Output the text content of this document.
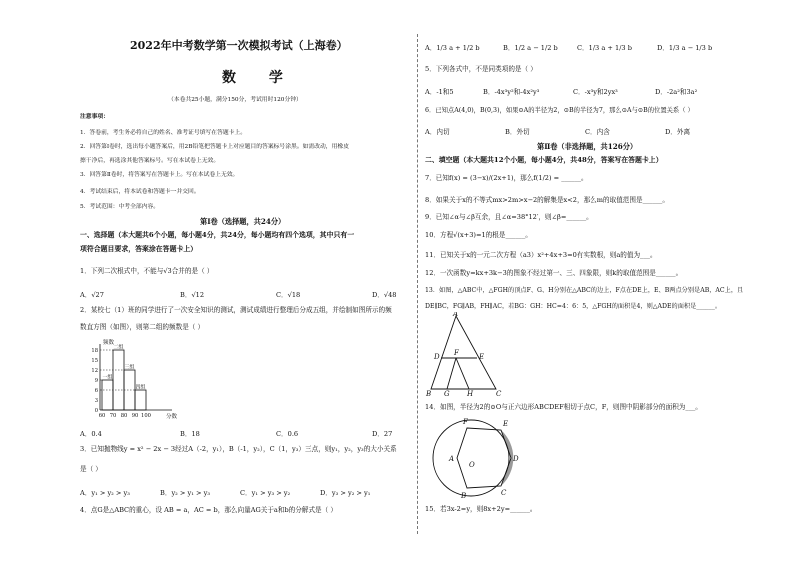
2022年中考数学第一次模拟考试（上海卷）
数 学
（本卷共25小题，满分150分，考试用时120分钟）
注意事项：
1．答卷前，考生务必将自己的姓名、准考证号填写在答题卡上。
2．回答第Ⅰ卷时，选出每小题答案后，用2B铅笔把答题卡上对应题目的答案标号涂黑。如需改动，用橡皮
擦干净后，再选涂其他答案标号。写在本试卷上无效。
3．回答第Ⅱ卷时，将答案写在答题卡上。写在本试卷上无效。
4．考试结束后，将本试卷和答题卡一并交回。
5．考试范围：中考全部内容。
第Ⅰ卷（选择题，共24分）
一、选择题（本大题共6个小题，每小题4分，共24分，每小题均有四个选项，其中只有一
项符合题目要求，答案涂在答题卡上）
1．下列二次根式中，不能与√3合并的是（ ）
A．√27	B．√12	C．√18	D．√48
2．某校七（1）班的同学进行了一次安全知识的测试，测试成绩进行整理后分成五组，并绘制如图所示的频
数直方图（如图），则第二组的频数是（ ）
频数
18
15
12
9
6
3
0
一组
二组
三组
四组
60 70 80 90 100	分数
A．0.4	B．18	C．0.6	D．27
3．已知抛物线y = x² − 2x − 3经过A（-2，y₁），B（-1，y₂），C（1，y₃）三点，则y₁，y₂，y₃的大小关系
是（ ）
A．y₁ > y₂ > y₃	B．y₂ > y₁ > y₃	C．y₁ > y₃ > y₂	D．y₃ > y₂ > y₁
4．点G是△ABC的重心，设 AB = a，AC = b，那么向量AG关于a和b的分解式是（ ）
A．1/3 a + 1/2 b	B．1/2 a − 1/2 b	C．1/3 a + 1/3 b	D．1/3 a − 1/3 b
5．下列各式中，不是同类项的是（ ）
A．-1和5	B．-4x³y²和-4x²y³	C．-x³y和2yx³	D．-2a²和3a²
6．已知点A(4,0)，B(0,3)，如果⊙A的半径为2，⊙B的半径为7，那么⊙A与⊙B的位置关系（ ）
A．内切	B．外切	C．内含	D．外离
第Ⅱ卷（非选择题，共126分）
二、填空题（本大题共12个小题，每小题4分，共48分，答案写在答题卡上）
7．已知f(x) = (3−x)/(2x+1)，那么f(1/2) = ______。
8．如果关于x的不等式mx>2m>x−2的解集是x<2，那么m的取值范围是______。
9．已知∠α与∠β互余，且∠α=38°12′，则∠β=______。
10．方程√(x+3)=1的根是______。
11．已知关于x的一元二次方程（a3）x²+4x+3=0有实数根，则a的值为___。
12．一次函数y=kx+3k−3的图象不经过第一、三、四象限，则k的取值范围是______。
13．如图，△ABC中，△FGH的顶点F、G、H分别在△ABC的边上，F点在DE上，E、B两点分别是AB，AC上，且
DE∥BC，FG∥AB，FH∥AC，若BG：GH：HC=4：6：5，△FGH的面积是4，则△ADE的面积是______。
A
D F	E
B G H	C
14．如图，半径为2的⊙O与正六边形ABCDEF相切于点C，F，则图中阴影部分的面积为___。
A
B	C
D
E
F
O
15．若3x-2=y，则8x+2y=______。
